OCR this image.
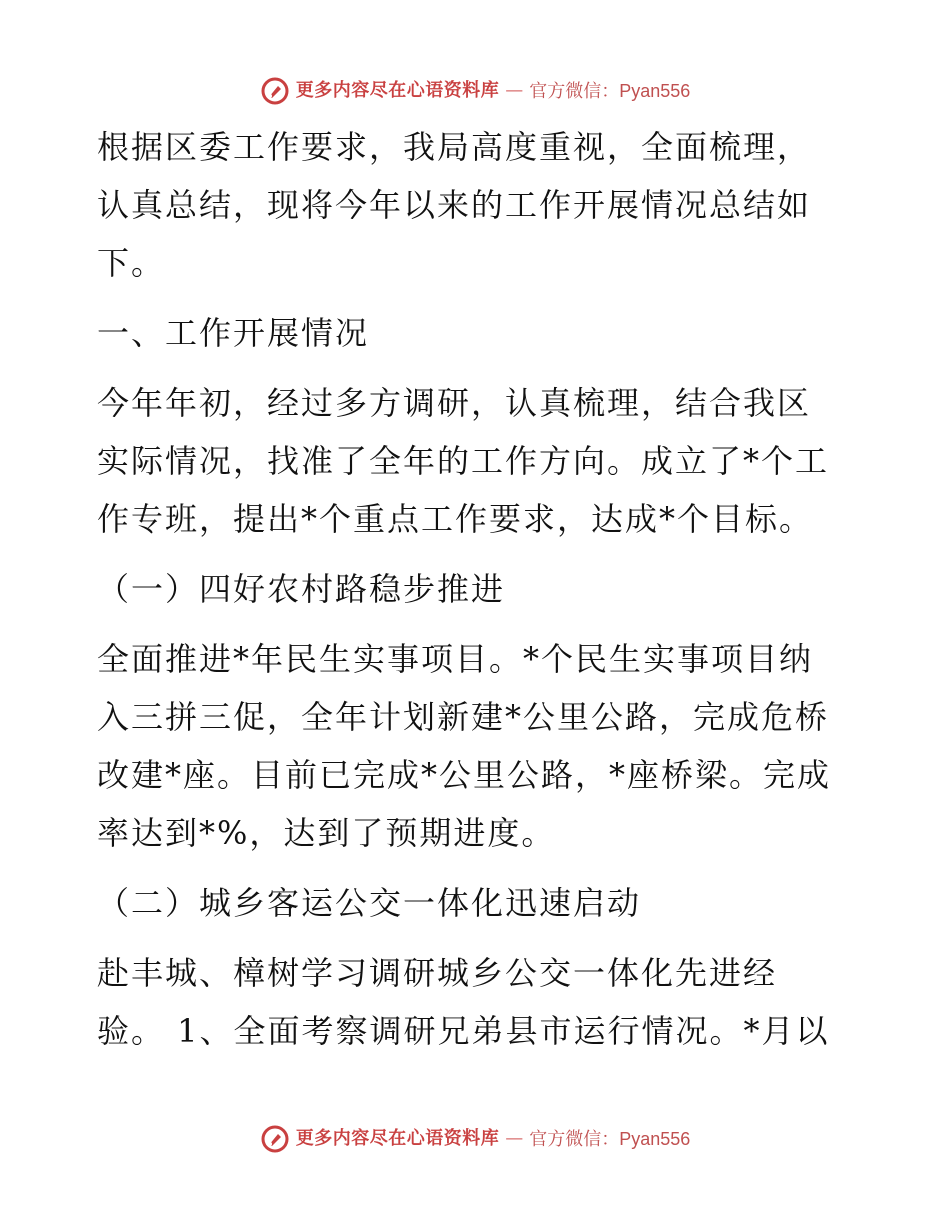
更多内容尽在心语资料库 — 官方微信：Pyan556

根据区委工作要求，我局高度重视，全面梳理，认真总结，现将今年以来的工作开展情况总结如下。

一、工作开展情况

今年年初，经过多方调研，认真梳理，结合我区实际情况，找准了全年的工作方向。成立了*个工作专班，提出*个重点工作要求，达成*个目标。

（一）四好农村路稳步推进

全面推进*年民生实事项目。*个民生实事项目纳入三拼三促，全年计划新建*公里公路，完成危桥改建*座。目前已完成*公里公路，*座桥梁。完成率达到*%，达到了预期进度。

（二）城乡客运公交一体化迅速启动

赴丰城、樟树学习调研城乡公交一体化先进经验。 1、全面考察调研兄弟县市运行情况。*月以

更多内容尽在心语资料库 — 官方微信：Pyan556
